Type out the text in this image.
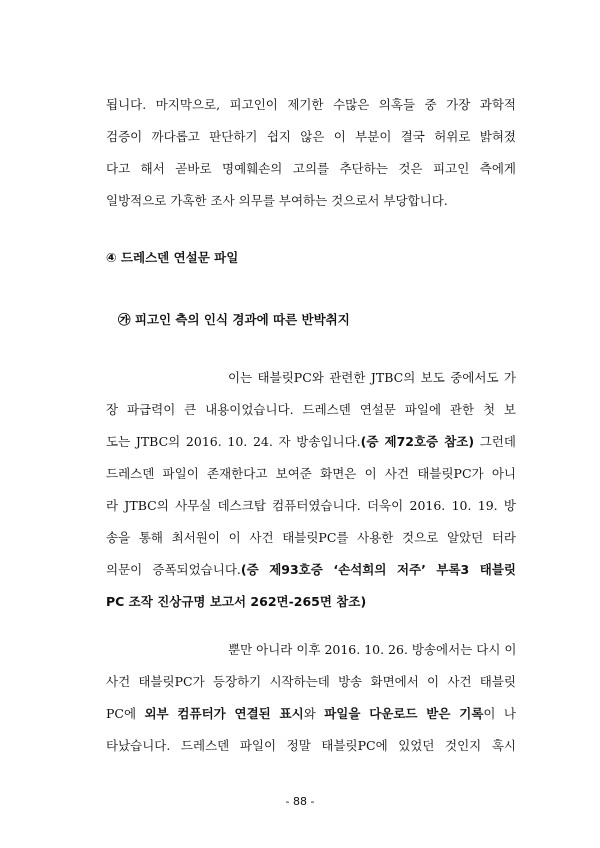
됩니다. 마지막으로, 피고인이 제기한 수많은 의혹들 중 가장 과학적
검증이 까다롭고 판단하기 쉽지 않은 이 부분이 결국 허위로 밝혀졌
다고 해서 곧바로 명예훼손의 고의를 추단하는 것은 피고인 측에게
일방적으로 가혹한 조사 의무를 부여하는 것으로서 부당합니다.
④ 드레스덴 연설문 파일
㉮ 피고인 측의 인식 경과에 따른 반박취지
이는 태블릿PC와 관련한 JTBC의 보도 중에서도 가
장 파급력이 큰 내용이었습니다. 드레스덴 연설문 파일에 관한 첫 보
도는 JTBC의 2016. 10. 24. 자 방송입니다.(증 제72호증 참조) 그런데
드레스덴 파일이 존재한다고 보여준 화면은 이 사건 태블릿PC가 아니
라 JTBC의 사무실 데스크탑 컴퓨터였습니다. 더욱이 2016. 10. 19. 방
송을 통해 최서원이 이 사건 태블릿PC를 사용한 것으로 알았던 터라
의문이 증폭되었습니다.(증 제93호증 ‘손석희의 저주’ 부록3 태블릿
PC 조작 진상규명 보고서 262면-265면 참조)
뿐만 아니라 이후 2016. 10. 26. 방송에서는 다시 이
사건 태블릿PC가 등장하기 시작하는데 방송 화면에서 이 사건 태블릿
PC에 외부 컴퓨터가 연결된 표시와 파일을 다운로드 받은 기록이 나
타났습니다. 드레스덴 파일이 정말 태블릿PC에 있었던 것인지 혹시
- 88 -
